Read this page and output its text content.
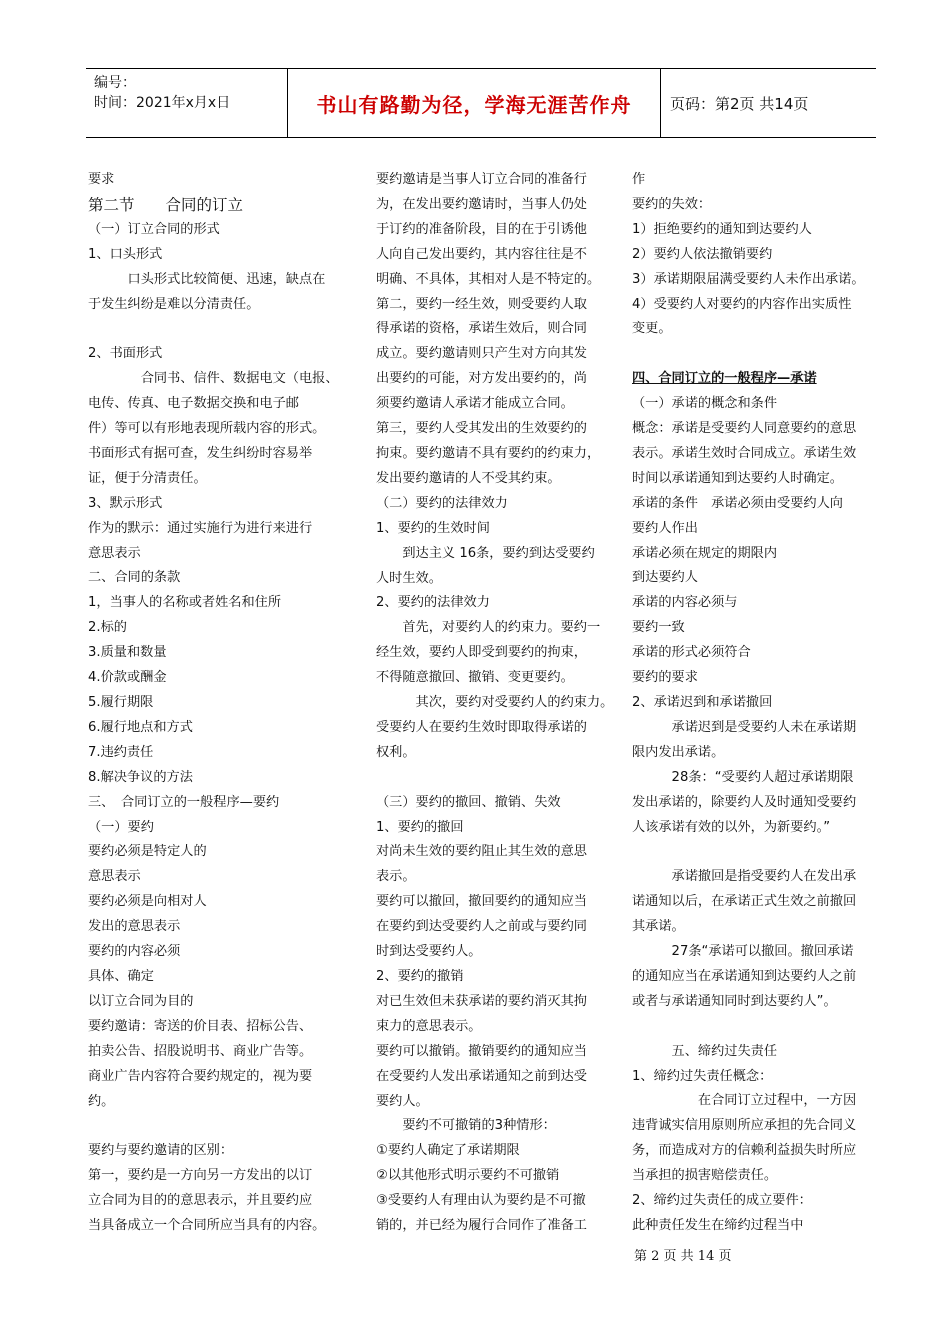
编号：
时间：2021年x月x日	书山有路勤为径，学海无涯苦作舟	页码：第2页 共14页

要求

第二节　　合同的订立

（一）订立合同的形式

1、口头形式

　　　口头形式比较简便、迅速，缺点在

于发生纠纷是难以分清责任。

2、书面形式

　　　　合同书、信件、数据电文（电报、

电传、传真、电子数据交换和电子邮

件）等可以有形地表现所载内容的形式。

书面形式有据可查，发生纠纷时容易举

证，便于分清责任。

3、默示形式

作为的默示：通过实施行为进行来进行

意思表示

二、合同的条款

1，当事人的名称或者姓名和住所

2.标的

3.质量和数量

4.价款或酬金

5.履行期限

6.履行地点和方式

7.违约责任

8.解决争议的方法

三、　合同订立的一般程序—要约

（一）要约

要约必须是特定人的

意思表示

要约必须是向相对人

发出的意思表示

要约的内容必须

具体、确定

以订立合同为目的

要约邀请：寄送的价目表、招标公告、

拍卖公告、招股说明书、商业广告等。

商业广告内容符合要约规定的，视为要

约。

要约与要约邀请的区别：

第一，要约是一方向另一方发出的以订

立合同为目的的意思表示，并且要约应

当具备成立一个合同所应当具有的内容。

要约邀请是当事人订立合同的准备行

为，在发出要约邀请时，当事人仍处

于订约的准备阶段，目的在于引诱他

人向自己发出要约，其内容往往是不

明确、不具体，其相对人是不特定的。

第二，要约一经生效，则受要约人取

得承诺的资格，承诺生效后，则合同

成立。要约邀请则只产生对方向其发

出要约的可能，对方发出要约的，尚

须要约邀请人承诺才能成立合同。

第三，要约人受其发出的生效要约的

拘束。要约邀请不具有要约的约束力，

发出要约邀请的人不受其约束。

（二）要约的法律效力

1、要约的生效时间

　　到达主义 16条，要约到达受要约

人时生效。

2、要约的法律效力

　　首先，对要约人的约束力。要约一

经生效，要约人即受到要约的拘束，

不得随意撤回、撤销、变更要约。

　　　其次，要约对受要约人的约束力。

受要约人在要约生效时即取得承诺的

权利。

（三）要约的撤回、撤销、失效

1、要约的撤回

对尚未生效的要约阻止其生效的意思

表示。

要约可以撤回，撤回要约的通知应当

在要约到达受要约人之前或与要约同

时到达受要约人。

2、要约的撤销

对已生效但未获承诺的要约消灭其拘

束力的意思表示。

要约可以撤销。撤销要约的通知应当

在受要约人发出承诺通知之前到达受

要约人。

　　要约不可撤销的3种情形：

①要约人确定了承诺期限

②以其他形式明示要约不可撤销

③受要约人有理由认为要约是不可撤

销的，并已经为履行合同作了准备工

作

要约的失效：

1）拒绝要约的通知到达要约人

2）要约人依法撤销要约

3）承诺期限届满受要约人未作出承诺。

4）受要约人对要约的内容作出实质性

变更。

四、合同订立的一般程序—承诺

（一）承诺的概念和条件

概念：承诺是受要约人同意要约的意思

表示。承诺生效时合同成立。承诺生效

时间以承诺通知到达要约人时确定。

承诺的条件　承诺必须由受要约人向

要约人作出

承诺必须在规定的期限内

到达要约人

承诺的内容必须与

要约一致

承诺的形式必须符合

要约的要求

2、承诺迟到和承诺撤回

　　　承诺迟到是受要约人未在承诺期

限内发出承诺。

　　　28条：“受要约人超过承诺期限

发出承诺的，除要约人及时通知受要约

人该承诺有效的以外，为新要约。”

　　　承诺撤回是指受要约人在发出承

诺通知以后，在承诺正式生效之前撤回

其承诺。

　　　27条“承诺可以撤回。撤回承诺

的通知应当在承诺通知到达要约人之前

或者与承诺通知同时到达要约人”。

　　　五、缔约过失责任

1、缔约过失责任概念：

　　　　　在合同订立过程中，一方因

违背诚实信用原则所应承担的先合同义

务，而造成对方的信赖利益损失时所应

当承担的损害赔偿责任。

2、缔约过失责任的成立要件：

此种责任发生在缔约过程当中

第 2 页 共 14 页
